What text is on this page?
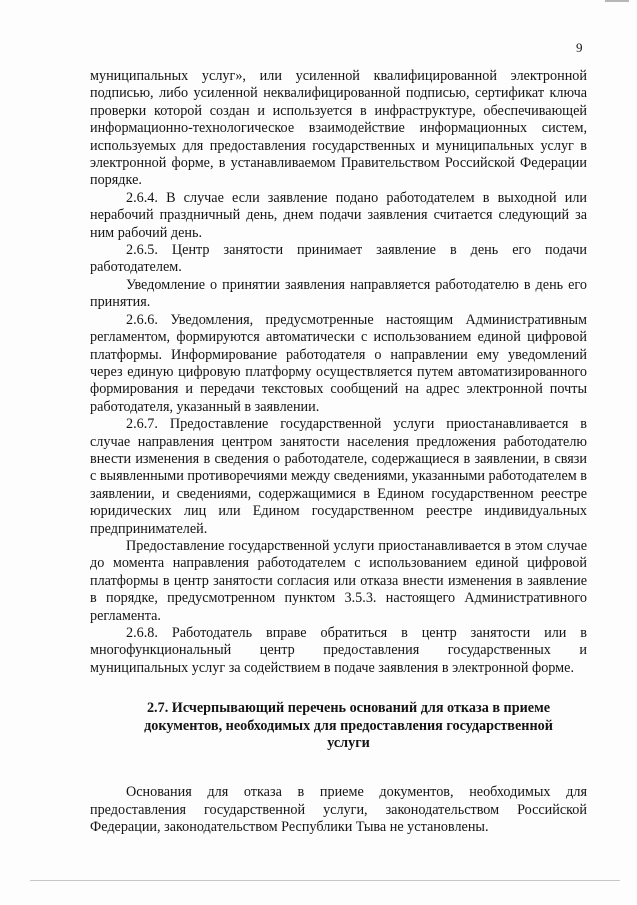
9

муниципальных услуг», или усиленной квалифицированной электронной подписью, либо усиленной неквалифицированной подписью, сертификат ключа проверки которой создан и используется в инфраструктуре, обеспечивающей информационно-технологическое взаимодействие информационных систем, используемых для предоставления государственных и муниципальных услуг в электронной форме, в устанавливаемом Правительством Российской Федерации порядке.

2.6.4. В случае если заявление подано работодателем в выходной или нерабочий праздничный день, днем подачи заявления считается следующий за ним рабочий день.

2.6.5. Центр занятости принимает заявление в день его подачи работодателем.

Уведомление о принятии заявления направляется работодателю в день его принятия.

2.6.6. Уведомления, предусмотренные настоящим Административным регламентом, формируются автоматически с использованием единой цифровой платформы. Информирование работодателя о направлении ему уведомлений через единую цифровую платформу осуществляется путем автоматизированного формирования и передачи текстовых сообщений на адрес электронной почты работодателя, указанный в заявлении.

2.6.7. Предоставление государственной услуги приостанавливается в случае направления центром занятости населения предложения работодателю внести изменения в сведения о работодателе, содержащиеся в заявлении, в связи с выявленными противоречиями между сведениями, указанными работодателем в заявлении, и сведениями, содержащимися в Едином государственном реестре юридических лиц или Едином государственном реестре индивидуальных предпринимателей.

Предоставление государственной услуги приостанавливается в этом случае до момента направления работодателем с использованием единой цифровой платформы в центр занятости согласия или отказа внести изменения в заявление в порядке, предусмотренном пунктом 3.5.3. настоящего Административного регламента.

2.6.8. Работодатель вправе обратиться в центр занятости или в многофункциональный центр предоставления государственных и муниципальных услуг за содействием в подаче заявления в электронной форме.

2.7. Исчерпывающий перечень оснований для отказа в приеме документов, необходимых для предоставления государственной услуги

Основания для отказа в приеме документов, необходимых для предоставления государственной услуги, законодательством Российской Федерации, законодательством Республики Тыва не установлены.
